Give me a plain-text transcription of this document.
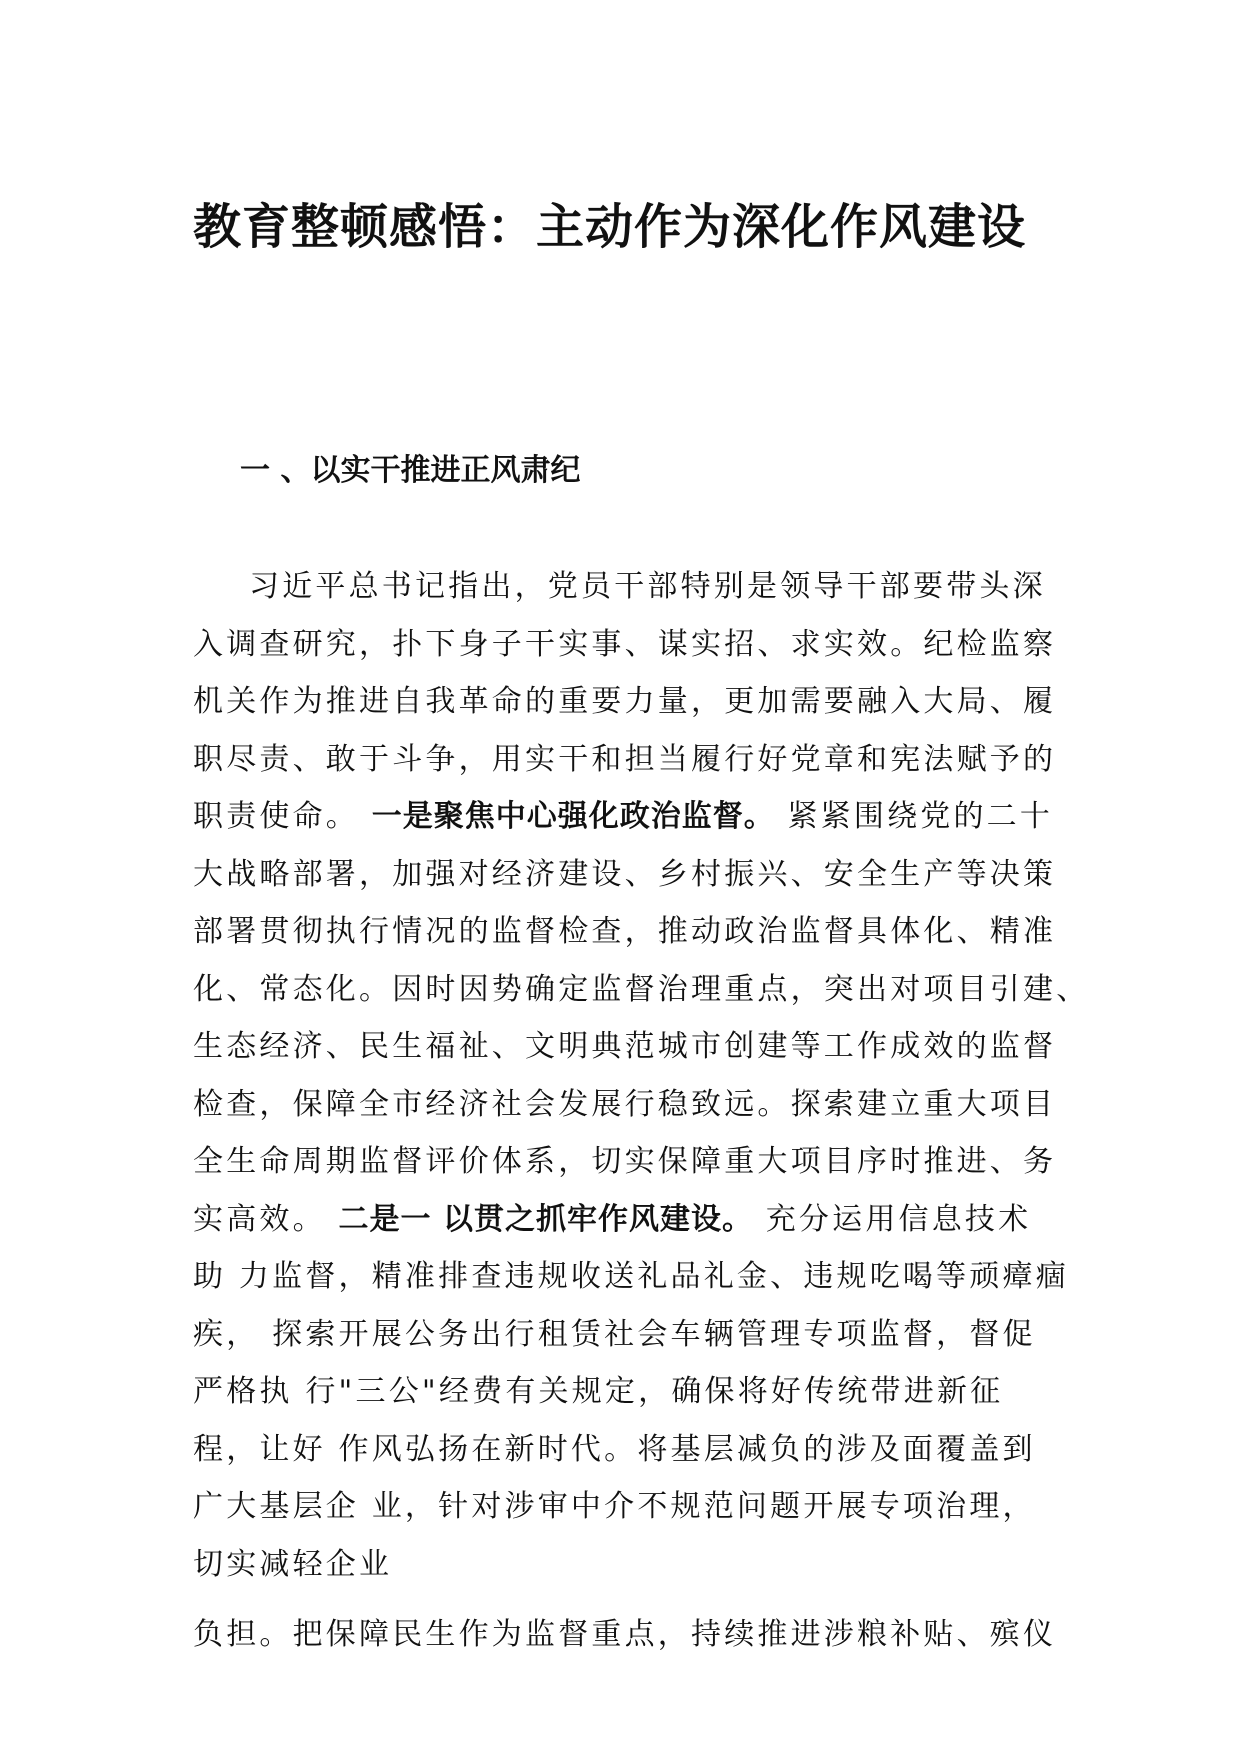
教育整顿感悟：主动作为深化作风建设
一 、以实干推进正风肃纪
习近平总书记指出，党员干部特别是领导干部要带头深
入调查研究，扑下身子干实事、谋实招、求实效。纪检监察
机关作为推进自我革命的重要力量，更加需要融入大局、履
职尽责、敢于斗争，用实干和担当履行好党章和宪法赋予的
职责使命。 一是聚焦中心强化政治监督。 紧紧围绕党的二十
大战略部署，加强对经济建设、乡村振兴、安全生产等决策
部署贯彻执行情况的监督检查，推动政治监督具体化、精准
化、常态化。因时因势确定监督治理重点，突出对项目引建、
生态经济、民生福祉、文明典范城市创建等工作成效的监督
检查，保障全市经济社会发展行稳致远。探索建立重大项目
全生命周期监督评价体系，切实保障重大项目序时推进、务
实高效。 二是一 以贯之抓牢作风建设。 充分运用信息技术
助 力监督，精准排查违规收送礼品礼金、违规吃喝等顽瘴痼
疾， 探索开展公务出行租赁社会车辆管理专项监督，督促
严格执 行"三公"经费有关规定，确保将好传统带进新征
程，让好 作风弘扬在新时代。将基层减负的涉及面覆盖到
广大基层企 业，针对涉审中介不规范问题开展专项治理，
切实减轻企业
负担。把保障民生作为监督重点，持续推进涉粮补贴、殡仪
